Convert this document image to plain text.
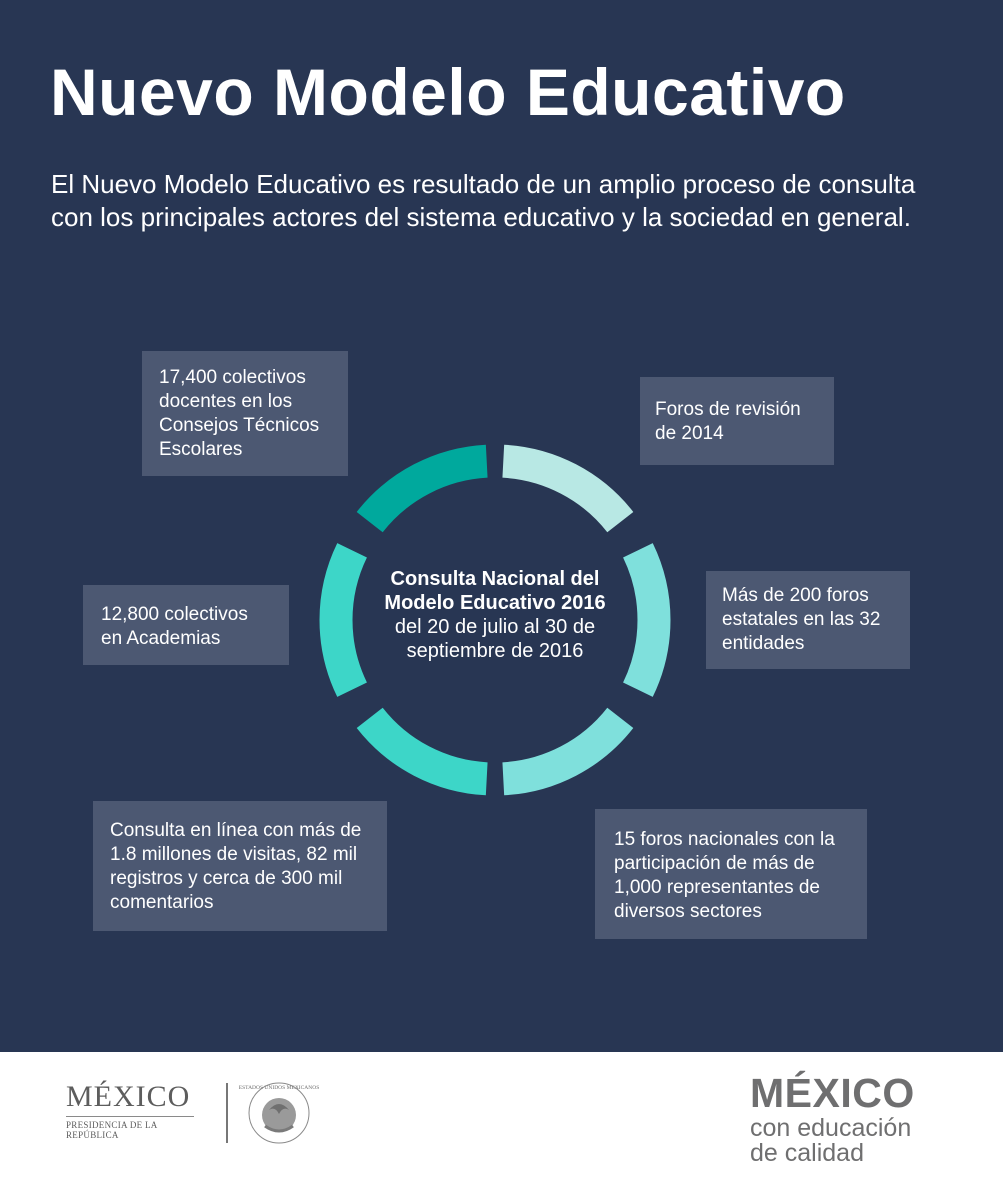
Nuevo Modelo Educativo

El Nuevo Modelo Educativo es resultado de un amplio proceso de consulta con los principales actores del sistema educativo y la sociedad en general.

Consulta Nacional del
Modelo Educativo 2016
del 20 de julio al 30 de
septiembre de 2016
17,400 colectivos
docentes en los
Consejos Técnicos
Escolares
Foros de revisión
de 2014
12,800 colectivos
en Academias
Más de 200 foros
estatales en las 32
entidades
Consulta en línea con más de
1.8 millones de visitas, 82 mil
registros y cerca de 300 mil
comentarios
15 foros nacionales con la
participación de más de
1,000 representantes de
diversos sectores
MÉXICO
PRESIDENCIA DE LA REPÚBLICA
ESTADOS UNIDOS MEXICANOS	MÉXICO
con educación
de calidad
